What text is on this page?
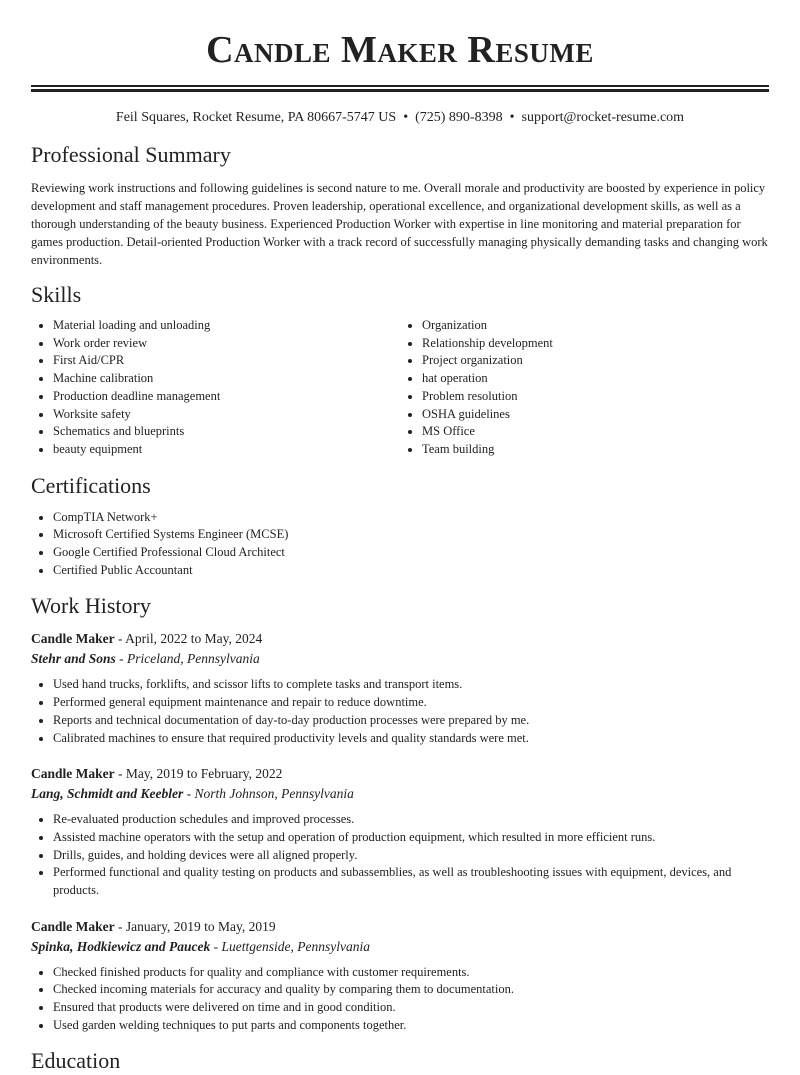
Candle Maker Resume
Feil Squares, Rocket Resume, PA 80667-5747 US • (725) 890-8398 • support@rocket-resume.com
Professional Summary

Reviewing work instructions and following guidelines is second nature to me. Overall morale and productivity are boosted by experience in policy development and staff management procedures. Proven leadership, operational excellence, and organizational development skills, as well as a thorough understanding of the beauty business. Experienced Production Worker with expertise in line monitoring and material preparation for games production. Detail-oriented Production Worker with a track record of successfully managing physically demanding tasks and changing work environments.

Skills
• Material loading and unloading
• Work order review
• First Aid/CPR
• Machine calibration
• Production deadline management
• Worksite safety
• Schematics and blueprints
• beauty equipment
• Organization
• Relationship development
• Project organization
• hat operation
• Problem resolution
• OSHA guidelines
• MS Office
• Team building
Certifications
• CompTIA Network+
• Microsoft Certified Systems Engineer (MCSE)
• Google Certified Professional Cloud Architect
• Certified Public Accountant
Work History
Candle Maker - April, 2022 to May, 2024
Stehr and Sons - Priceland, Pennsylvania
• Used hand trucks, forklifts, and scissor lifts to complete tasks and transport items.
• Performed general equipment maintenance and repair to reduce downtime.
• Reports and technical documentation of day-to-day production processes were prepared by me.
• Calibrated machines to ensure that required productivity levels and quality standards were met.
Candle Maker - May, 2019 to February, 2022
Lang, Schmidt and Keebler - North Johnson, Pennsylvania
• Re-evaluated production schedules and improved processes.
• Assisted machine operators with the setup and operation of production equipment, which resulted in more efficient runs.
• Drills, guides, and holding devices were all aligned properly.
• Performed functional and quality testing on products and subassemblies, as well as troubleshooting issues with equipment, devices, and products.
Candle Maker - January, 2019 to May, 2019
Spinka, Hodkiewicz and Paucek - Luettgenside, Pennsylvania
• Checked finished products for quality and compliance with customer requirements.
• Checked incoming materials for accuracy and quality by comparing them to documentation.
• Ensured that products were delivered on time and in good condition.
• Used garden welding techniques to put parts and components together.
Education
